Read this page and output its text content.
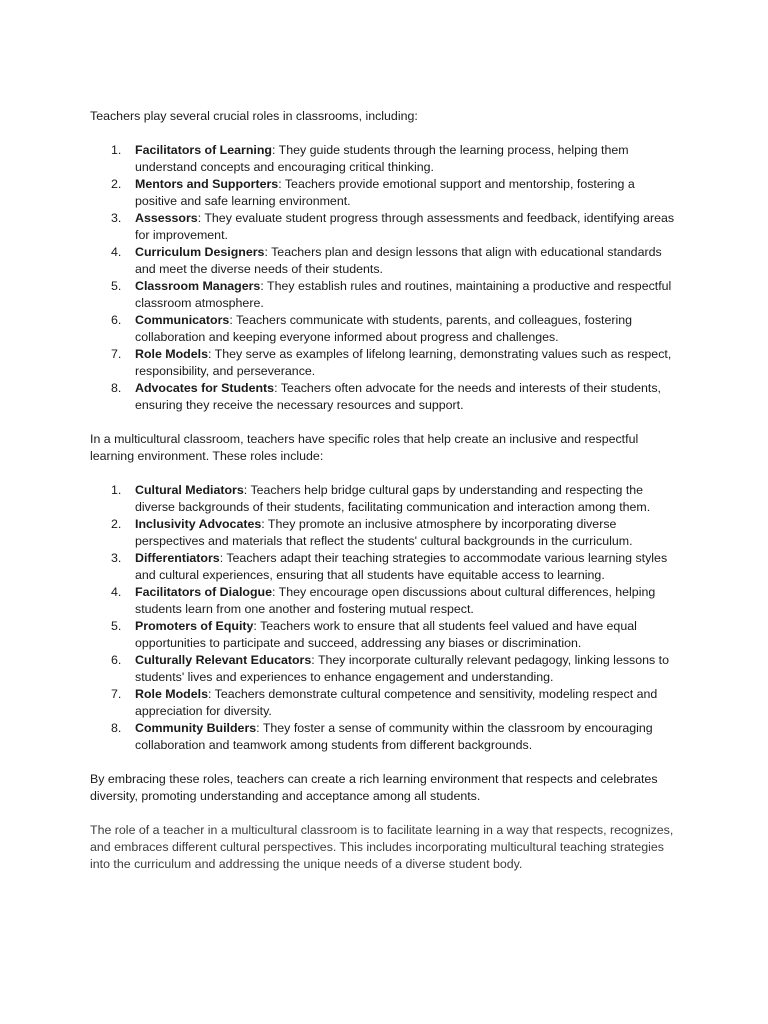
Teachers play several crucial roles in classrooms, including:

1.	Facilitators of Learning: They guide students through the learning process, helping them understand concepts and encouraging critical thinking.
2.	Mentors and Supporters: Teachers provide emotional support and mentorship, fostering a positive and safe learning environment.
3.	Assessors: They evaluate student progress through assessments and feedback, identifying areas for improvement.
4.	Curriculum Designers: Teachers plan and design lessons that align with educational standards and meet the diverse needs of their students.
5.	Classroom Managers: They establish rules and routines, maintaining a productive and respectful classroom atmosphere.
6.	Communicators: Teachers communicate with students, parents, and colleagues, fostering collaboration and keeping everyone informed about progress and challenges.
7.	Role Models: They serve as examples of lifelong learning, demonstrating values such as respect, responsibility, and perseverance.
8.	Advocates for Students: Teachers often advocate for the needs and interests of their students, ensuring they receive the necessary resources and support.

In a multicultural classroom, teachers have specific roles that help create an inclusive and respectful learning environment. These roles include:

1.	Cultural Mediators: Teachers help bridge cultural gaps by understanding and respecting the diverse backgrounds of their students, facilitating communication and interaction among them.
2.	Inclusivity Advocates: They promote an inclusive atmosphere by incorporating diverse perspectives and materials that reflect the students' cultural backgrounds in the curriculum.
3.	Differentiators: Teachers adapt their teaching strategies to accommodate various learning styles and cultural experiences, ensuring that all students have equitable access to learning.
4.	Facilitators of Dialogue: They encourage open discussions about cultural differences, helping students learn from one another and fostering mutual respect.
5.	Promoters of Equity: Teachers work to ensure that all students feel valued and have equal opportunities to participate and succeed, addressing any biases or discrimination.
6.	Culturally Relevant Educators: They incorporate culturally relevant pedagogy, linking lessons to students' lives and experiences to enhance engagement and understanding.
7.	Role Models: Teachers demonstrate cultural competence and sensitivity, modeling respect and appreciation for diversity.
8.	Community Builders: They foster a sense of community within the classroom by encouraging collaboration and teamwork among students from different backgrounds.

By embracing these roles, teachers can create a rich learning environment that respects and celebrates diversity, promoting understanding and acceptance among all students.

The role of a teacher in a multicultural classroom is to facilitate learning in a way that respects, recognizes, and embraces different cultural perspectives. This includes incorporating multicultural teaching strategies into the curriculum and addressing the unique needs of a diverse student body.
